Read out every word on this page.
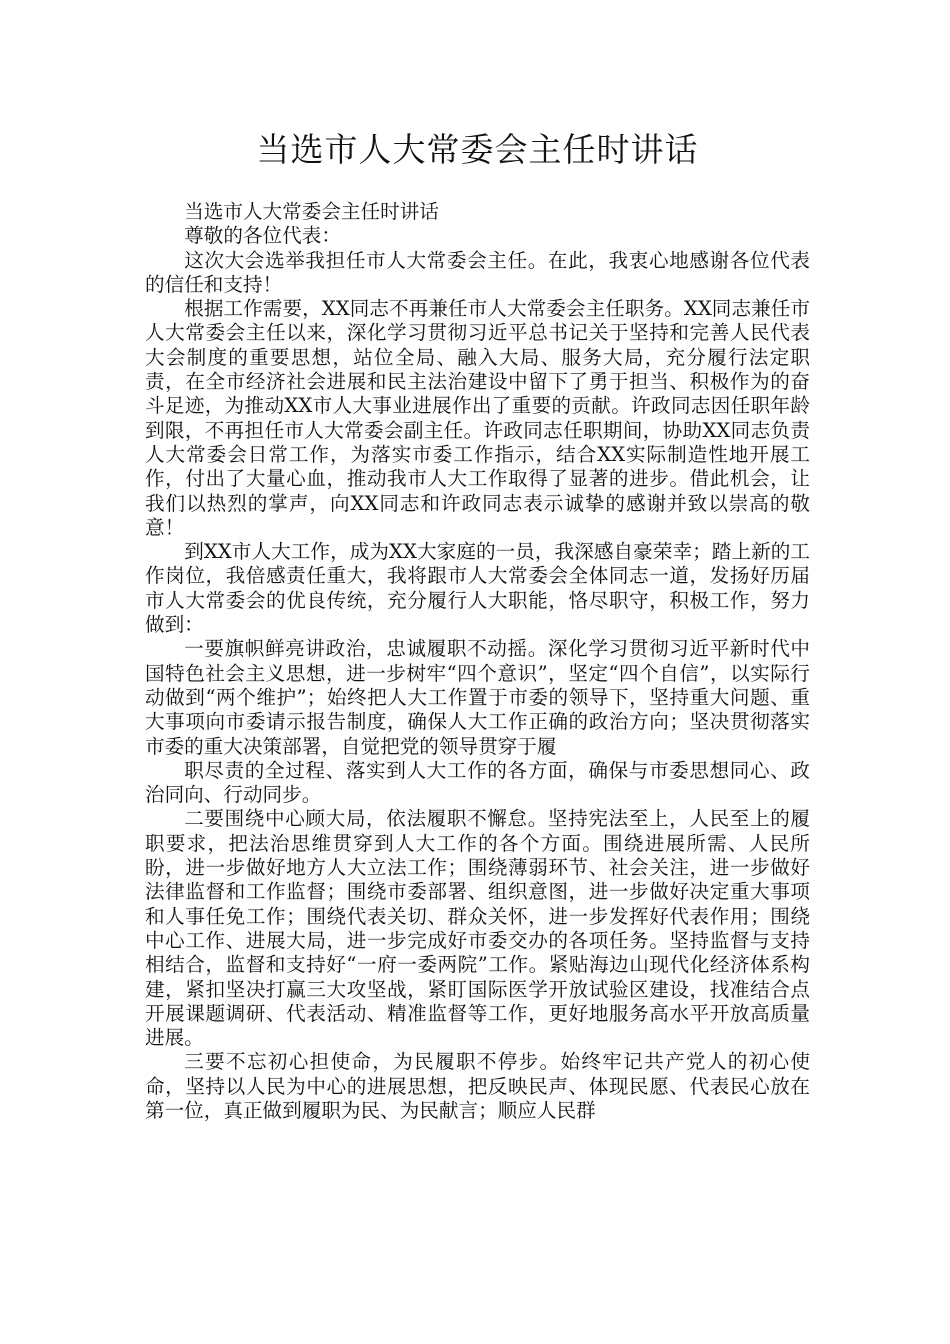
当选市人大常委会主任时讲话

当选市人大常委会主任时讲话

尊敬的各位代表：

这次大会选举我担任市人大常委会主任。在此，我衷心地感谢各位代表的信任和支持！

根据工作需要，XX同志不再兼任市人大常委会主任职务。XX同志兼任市人大常委会主任以来，深化学习贯彻习近平总书记关于坚持和完善人民代表大会制度的重要思想，站位全局、融入大局、服务大局，充分履行法定职责，在全市经济社会进展和民主法治建设中留下了勇于担当、积极作为的奋斗足迹，为推动XX市人大事业进展作出了重要的贡献。许政同志因任职年龄到限，不再担任市人大常委会副主任。许政同志任职期间，协助XX同志负责人大常委会日常工作，为落实市委工作指示，结合XX实际制造性地开展工作，付出了大量心血，推动我市人大工作取得了显著的进步。借此机会，让我们以热烈的掌声，向XX同志和许政同志表示诚挚的感谢并致以崇高的敬意！

到XX市人大工作，成为XX大家庭的一员，我深感自豪荣幸；踏上新的工作岗位，我倍感责任重大，我将跟市人大常委会全体同志一道，发扬好历届市人大常委会的优良传统，充分履行人大职能，恪尽职守，积极工作，努力做到：

一要旗帜鲜亮讲政治，忠诚履职不动摇。深化学习贯彻习近平新时代中国特色社会主义思想，进一步树牢“四个意识”，坚定“四个自信”，以实际行动做到“两个维护”；始终把人大工作置于市委的领导下，坚持重大问题、重大事项向市委请示报告制度，确保人大工作正确的政治方向；坚决贯彻落实市委的重大决策部署，自觉把党的领导贯穿于履

职尽责的全过程、落实到人大工作的各方面，确保与市委思想同心、政治同向、行动同步。

二要围绕中心顾大局，依法履职不懈怠。坚持宪法至上，人民至上的履职要求，把法治思维贯穿到人大工作的各个方面。围绕进展所需、人民所盼，进一步做好地方人大立法工作；围绕薄弱环节、社会关注，进一步做好法律监督和工作监督；围绕市委部署、组织意图，进一步做好决定重大事项和人事任免工作；围绕代表关切、群众关怀，进一步发挥好代表作用；围绕中心工作、进展大局，进一步完成好市委交办的各项任务。坚持监督与支持相结合，监督和支持好“一府一委两院”工作。紧贴海边山现代化经济体系构建，紧扣坚决打赢三大攻坚战，紧盯国际医学开放试验区建设，找准结合点开展课题调研、代表活动、精准监督等工作，更好地服务高水平开放高质量进展。

三要不忘初心担使命，为民履职不停步。始终牢记共产党人的初心使命，坚持以人民为中心的进展思想，把反映民声、体现民愿、代表民心放在第一位，真正做到履职为民、为民献言；顺应人民群
